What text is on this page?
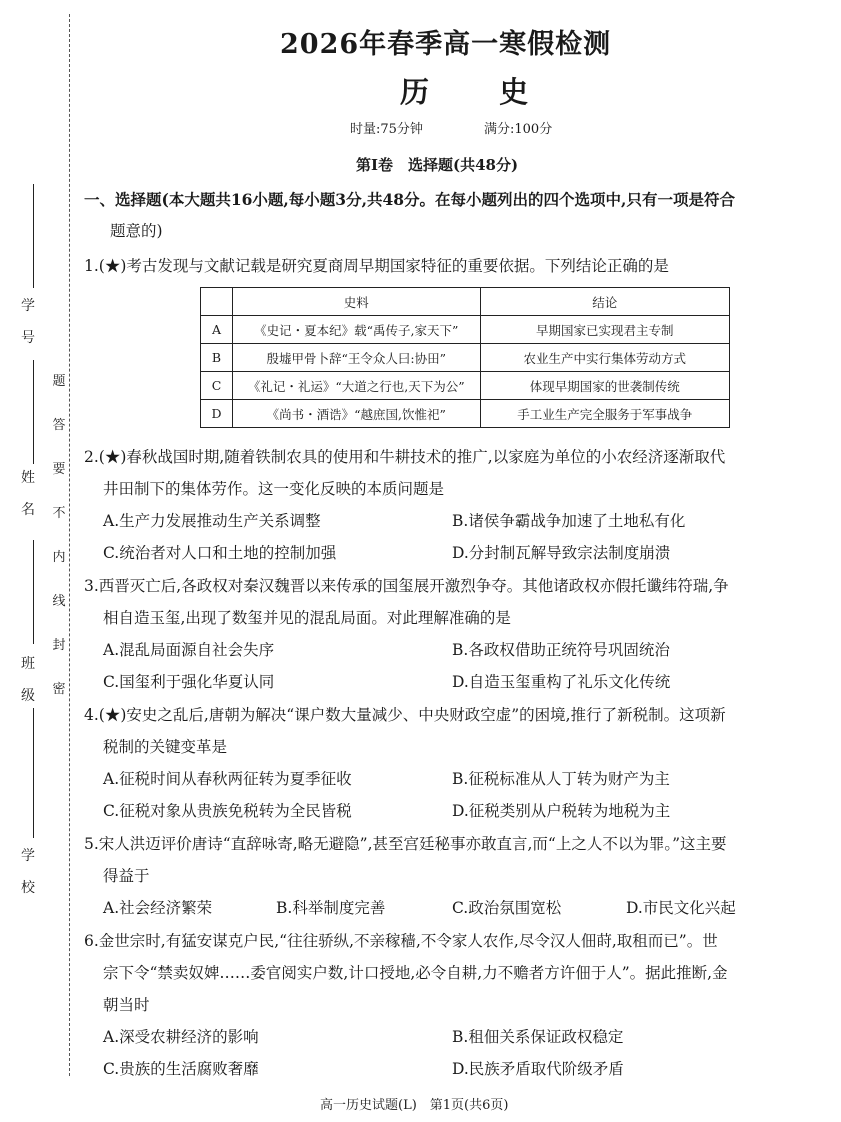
学

号
姓

名
班

级
学

校
题
答
要
不
内
线
封
密
2026年春季高一寒假检测
历 史
时量:75分钟	满分:100分
第Ⅰ卷　选择题(共48分)
一、选择题(本大题共16小题,每小题3分,共48分。在每小题列出的四个选项中,只有一项是符合
题意的)
1.(★)考古发现与文献记载是研究夏商周早期国家特征的重要依据。下列结论正确的是
	史料	结论
A	《史记・夏本纪》载“禹传子,家天下”	早期国家已实现君主专制
B	殷墟甲骨卜辞“王令众人曰:协田”	农业生产中实行集体劳动方式
C	《礼记・礼运》“大道之行也,天下为公”	体现早期国家的世袭制传统
D	《尚书・酒诰》“越庶国,饮惟祀”	手工业生产完全服务于军事战争
2.(★)春秋战国时期,随着铁制农具的使用和牛耕技术的推广,以家庭为单位的小农经济逐渐取代
井田制下的集体劳作。这一变化反映的本质问题是
A.生产力发展推动生产关系调整	B.诸侯争霸战争加速了土地私有化
C.统治者对人口和土地的控制加强	D.分封制瓦解导致宗法制度崩溃
3.西晋灭亡后,各政权对秦汉魏晋以来传承的国玺展开激烈争夺。其他诸政权亦假托谶纬符瑞,争
相自造玉玺,出现了数玺并见的混乱局面。对此理解准确的是
A.混乱局面源自社会失序	B.各政权借助正统符号巩固统治
C.国玺利于强化华夏认同	D.自造玉玺重构了礼乐文化传统
4.(★)安史之乱后,唐朝为解决“课户数大量减少、中央财政空虚”的困境,推行了新税制。这项新
税制的关键变革是
A.征税时间从春秋两征转为夏季征收	B.征税标准从人丁转为财产为主
C.征税对象从贵族免税转为全民皆税	D.征税类别从户税转为地税为主
5.宋人洪迈评价唐诗“直辞咏寄,略无避隐”,甚至宫廷秘事亦敢直言,而“上之人不以为罪。”这主要
得益于
A.社会经济繁荣	B.科举制度完善	C.政治氛围宽松	D.市民文化兴起
6.金世宗时,有猛安谋克户民,“往往骄纵,不亲稼穑,不令家人农作,尽令汉人佃莳,取租而已”。世
宗下令“禁卖奴婢……委官阅实户数,计口授地,必令自耕,力不赡者方许佃于人”。据此推断,金
朝当时
A.深受农耕经济的影响	B.租佃关系保证政权稳定
C.贵族的生活腐败奢靡	D.民族矛盾取代阶级矛盾
高一历史试题(L)　第1页(共6页)
